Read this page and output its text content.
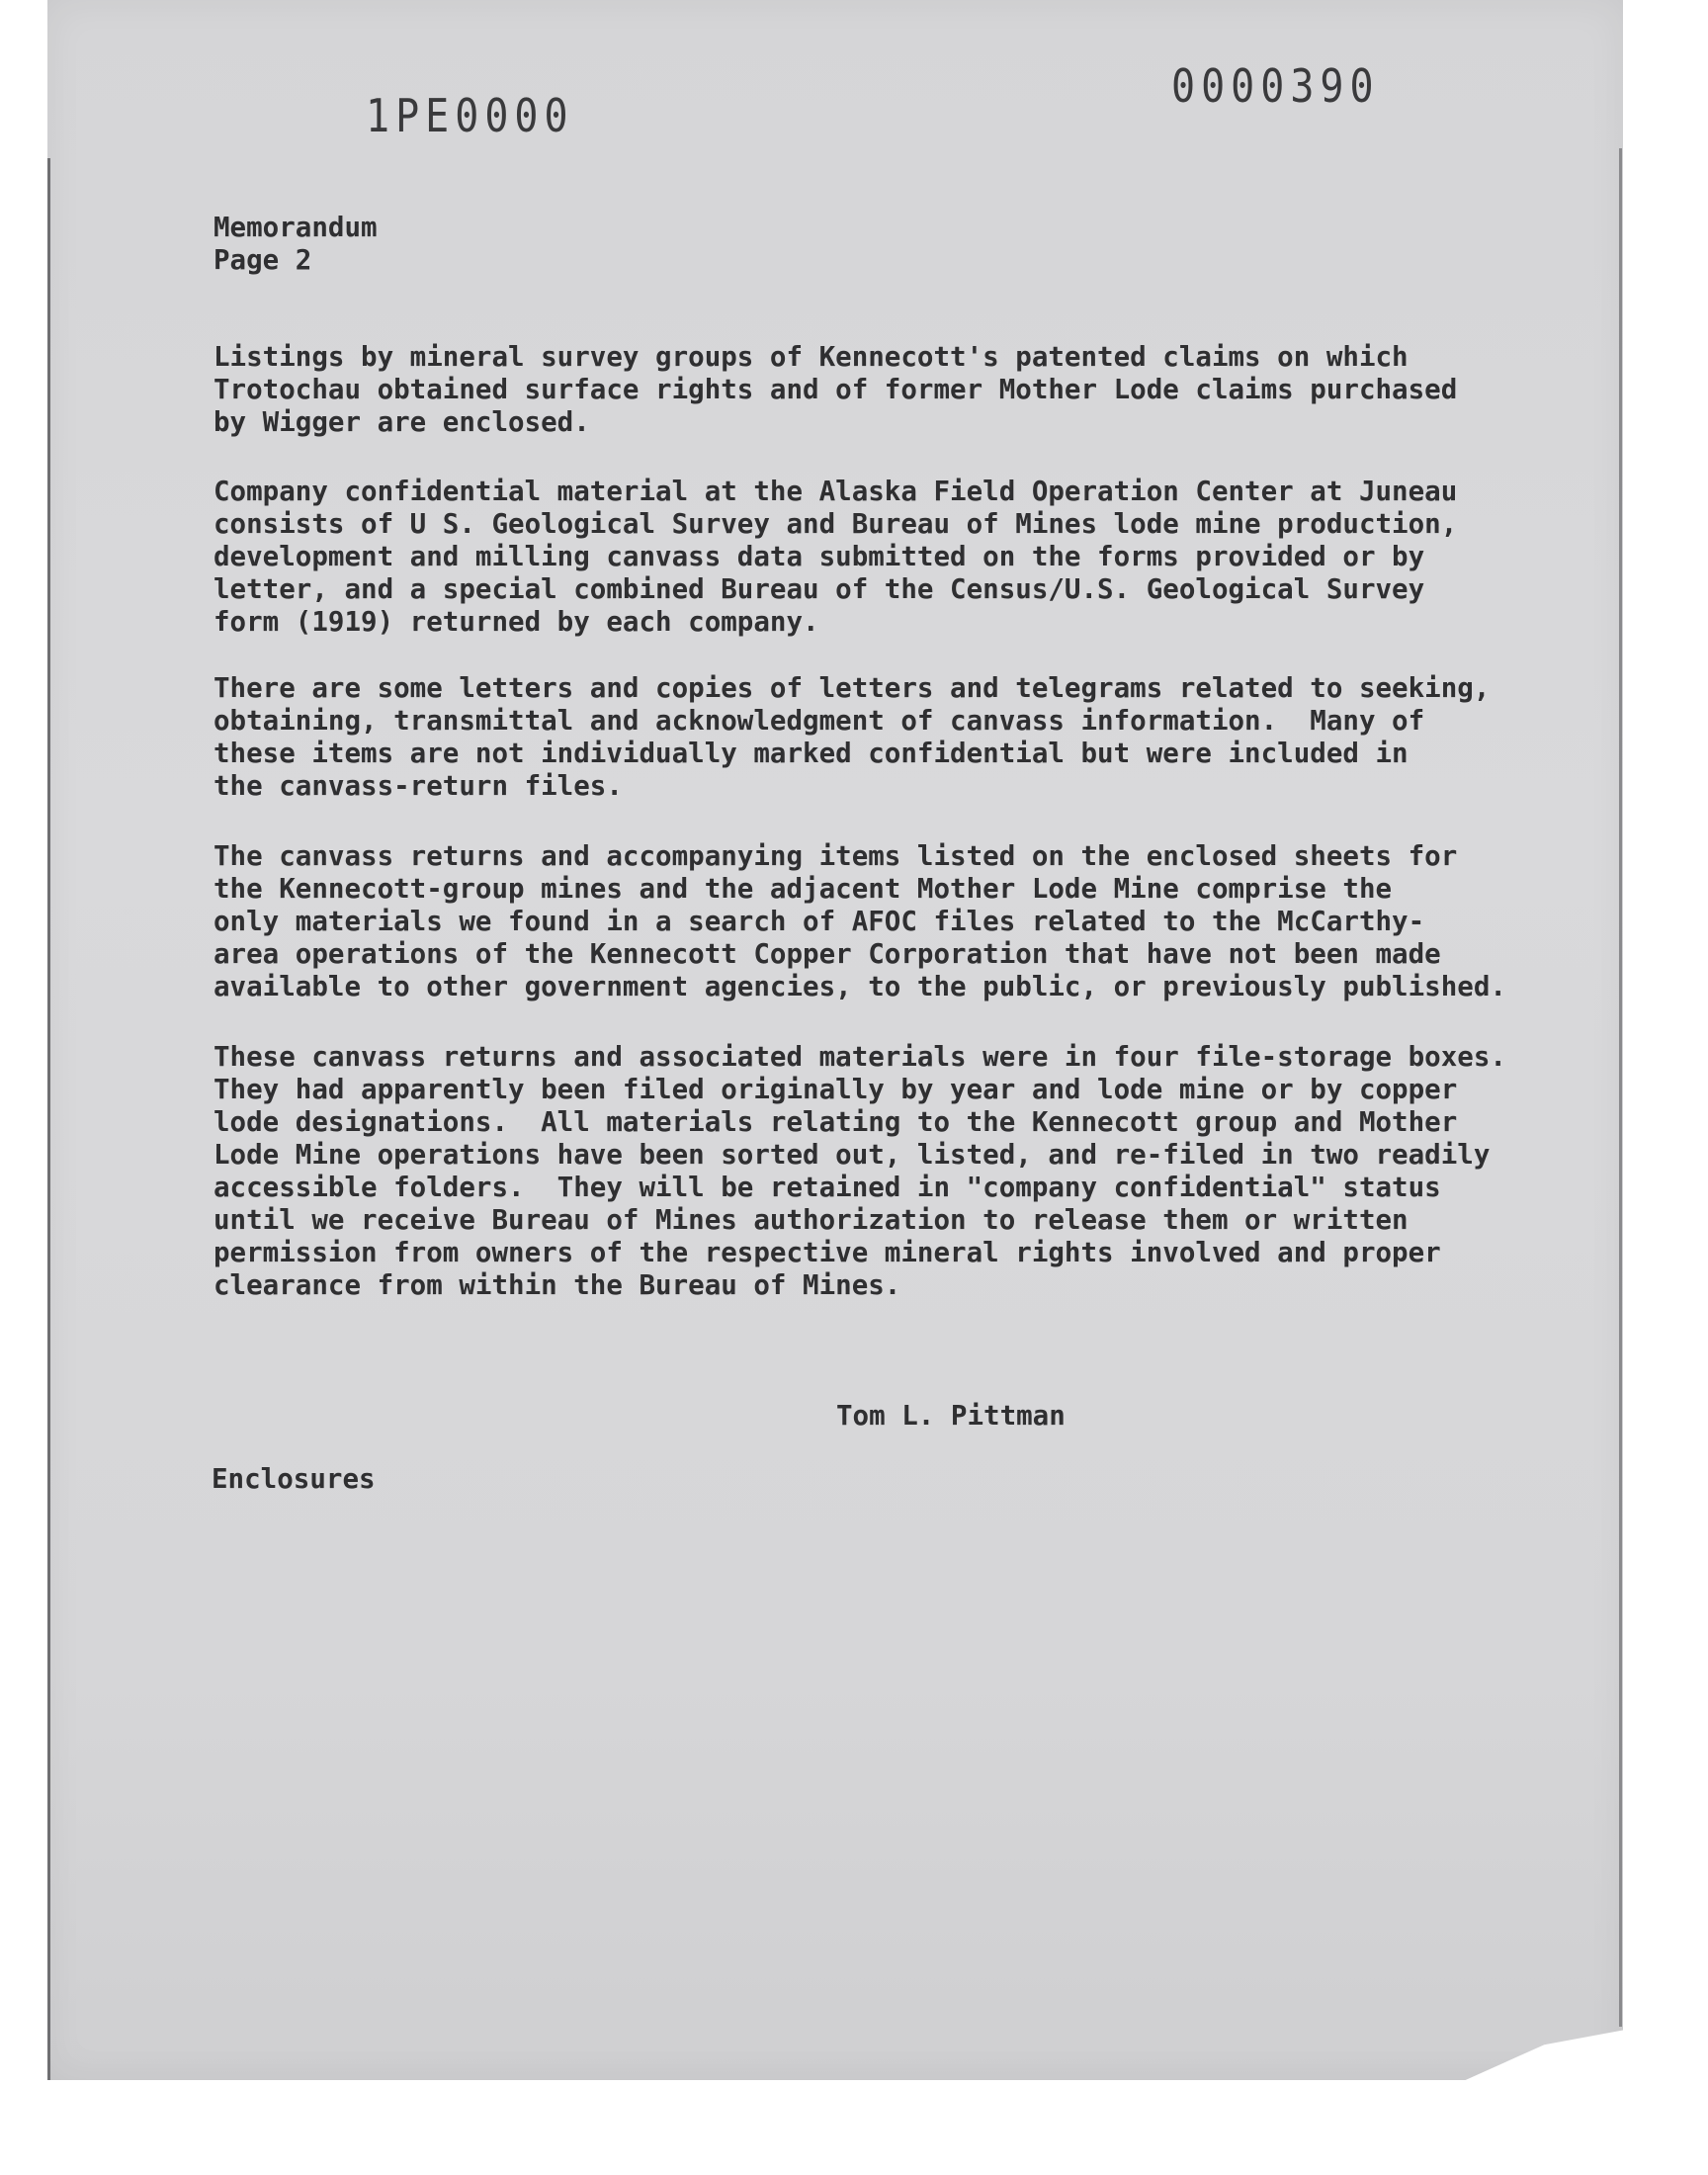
1PE0000
0000390
Memorandum
Page 2
Listings by mineral survey groups of Kennecott's patented claims on which
Trotochau obtained surface rights and of former Mother Lode claims purchased
by Wigger are enclosed.
Company confidential material at the Alaska Field Operation Center at Juneau
consists of U S. Geological Survey and Bureau of Mines lode mine production,
development and milling canvass data submitted on the forms provided or by
letter, and a special combined Bureau of the Census/U.S. Geological Survey
form (1919) returned by each company.
There are some letters and copies of letters and telegrams related to seeking,
obtaining, transmittal and acknowledgment of canvass information.  Many of
these items are not individually marked confidential but were included in
the canvass-return files.
The canvass returns and accompanying items listed on the enclosed sheets for
the Kennecott-group mines and the adjacent Mother Lode Mine comprise the
only materials we found in a search of AFOC files related to the McCarthy-
area operations of the Kennecott Copper Corporation that have not been made
available to other government agencies, to the public, or previously published.
These canvass returns and associated materials were in four file-storage boxes.
They had apparently been filed originally by year and lode mine or by copper
lode designations.  All materials relating to the Kennecott group and Mother
Lode Mine operations have been sorted out, listed, and re-filed in two readily
accessible folders.  They will be retained in "company confidential" status
until we receive Bureau of Mines authorization to release them or written
permission from owners of the respective mineral rights involved and proper
clearance from within the Bureau of Mines.
Tom L. Pittman
Enclosures
